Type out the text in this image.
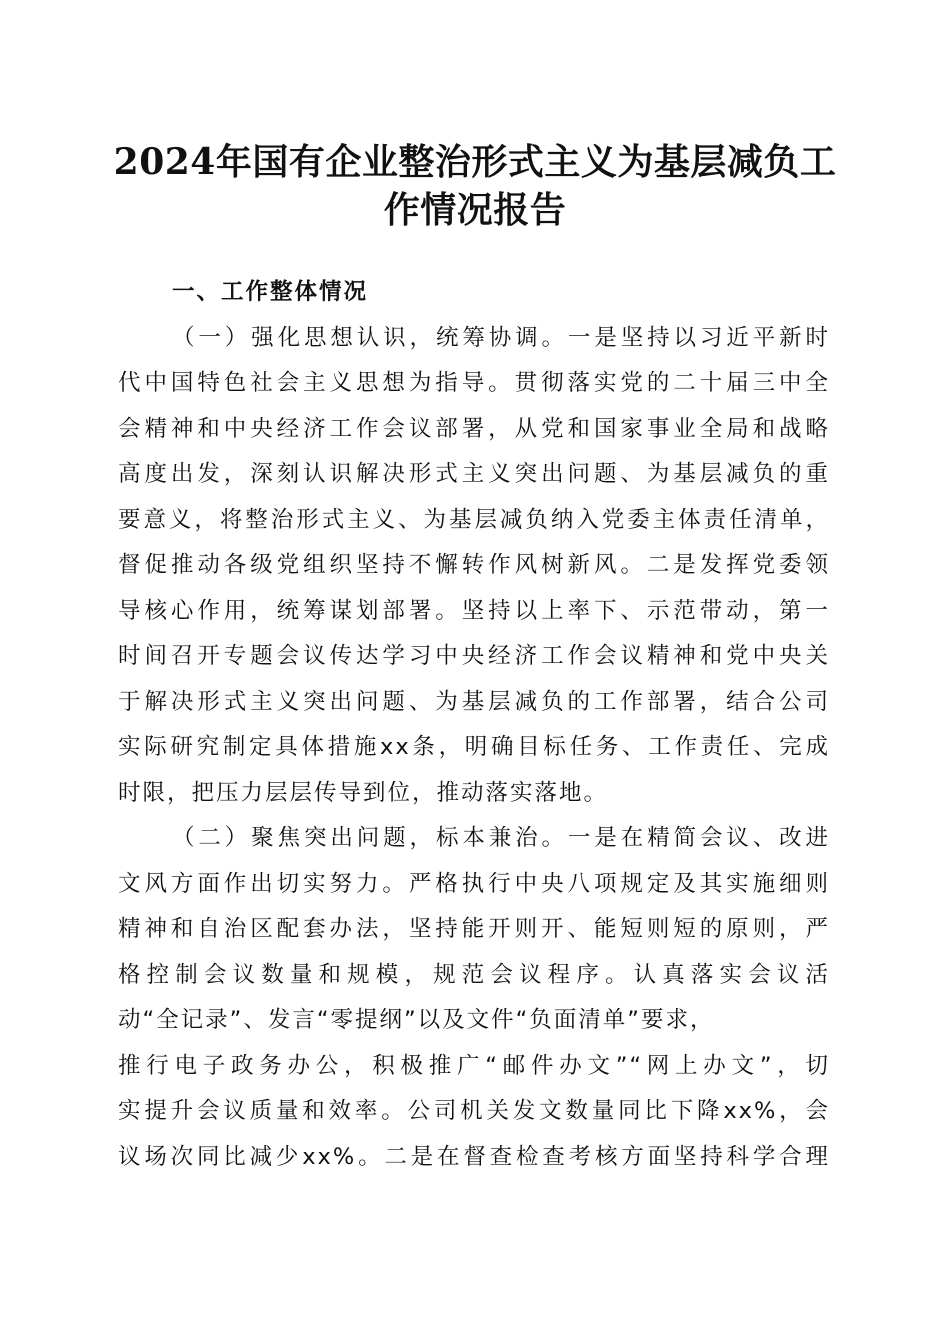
2024年国有企业整治形式主义为基层减负工
作情况报告
一、工作整体情况
（一）强化思想认识，统筹协调。一是坚持以习近平新时
代中国特色社会主义思想为指导。贯彻落实党的二十届三中全
会精神和中央经济工作会议部署，从党和国家事业全局和战略
高度出发，深刻认识解决形式主义突出问题、为基层减负的重
要意义，将整治形式主义、为基层减负纳入党委主体责任清单，
督促推动各级党组织坚持不懈转作风树新风。二是发挥党委领
导核心作用，统筹谋划部署。坚持以上率下、示范带动，第一
时间召开专题会议传达学习中央经济工作会议精神和党中央关
于解决形式主义突出问题、为基层减负的工作部署，结合公司
实际研究制定具体措施xx条，明确目标任务、工作责任、完成
时限，把压力层层传导到位，推动落实落地。
（二）聚焦突出问题，标本兼治。一是在精简会议、改进
文风方面作出切实努力。严格执行中央八项规定及其实施细则
精神和自治区配套办法，坚持能开则开、能短则短的原则，严
格控制会议数量和规模，规范会议程序。认真落实会议活
动“全记录”、发言“零提纲”以及文件“负面清单”要求，
推行电子政务办公，积极推广“邮件办文”“网上办文”，切
实提升会议质量和效率。公司机关发文数量同比下降xx%，会
议场次同比减少xx%。二是在督查检查考核方面坚持科学合理
